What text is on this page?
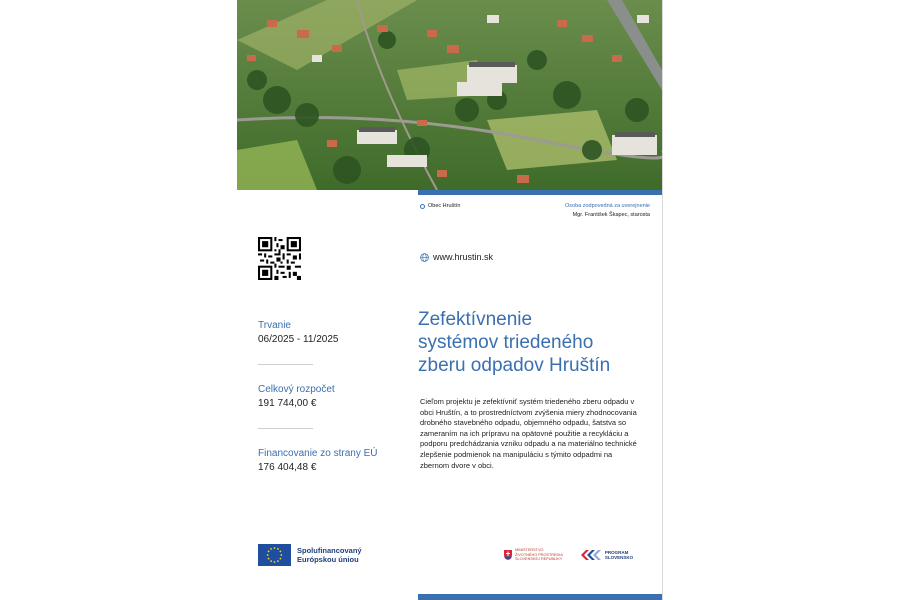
Trvanie
06/2025 - 11/2025
Celkový rozpočet
191 744,00 €
Financovanie zo strany EÚ
176 404,48 €
Spolufinancovaný
Európskou úniou
Obec Hruštín	Osoba zodpovedná za uverejnenie
Mgr. František Škapec, starosta
www.hrustin.sk
Zefektívnenie
systémov triedeného
zberu odpadov Hruštín
Cieľom projektu je zefektívniť systém triedeného zberu odpadu v obci Hruštín, a to prostredníctvom zvýšenia miery zhodnocovania drobného stavebného odpadu, objemného odpadu, šatstva so zameraním na ich prípravu na opätovné použitie a recykláciu a podporu predchádzania vzniku odpadu a na materiálno technické zlepšenie podmienok na manipuláciu s týmito odpadmi na zbernom dvore v obci.
MINISTERSTVO
ŽIVOTNÉHO PROSTREDIA
SLOVENSKEJ REPUBLIKY
PROGRAM
SLOVENSKO
